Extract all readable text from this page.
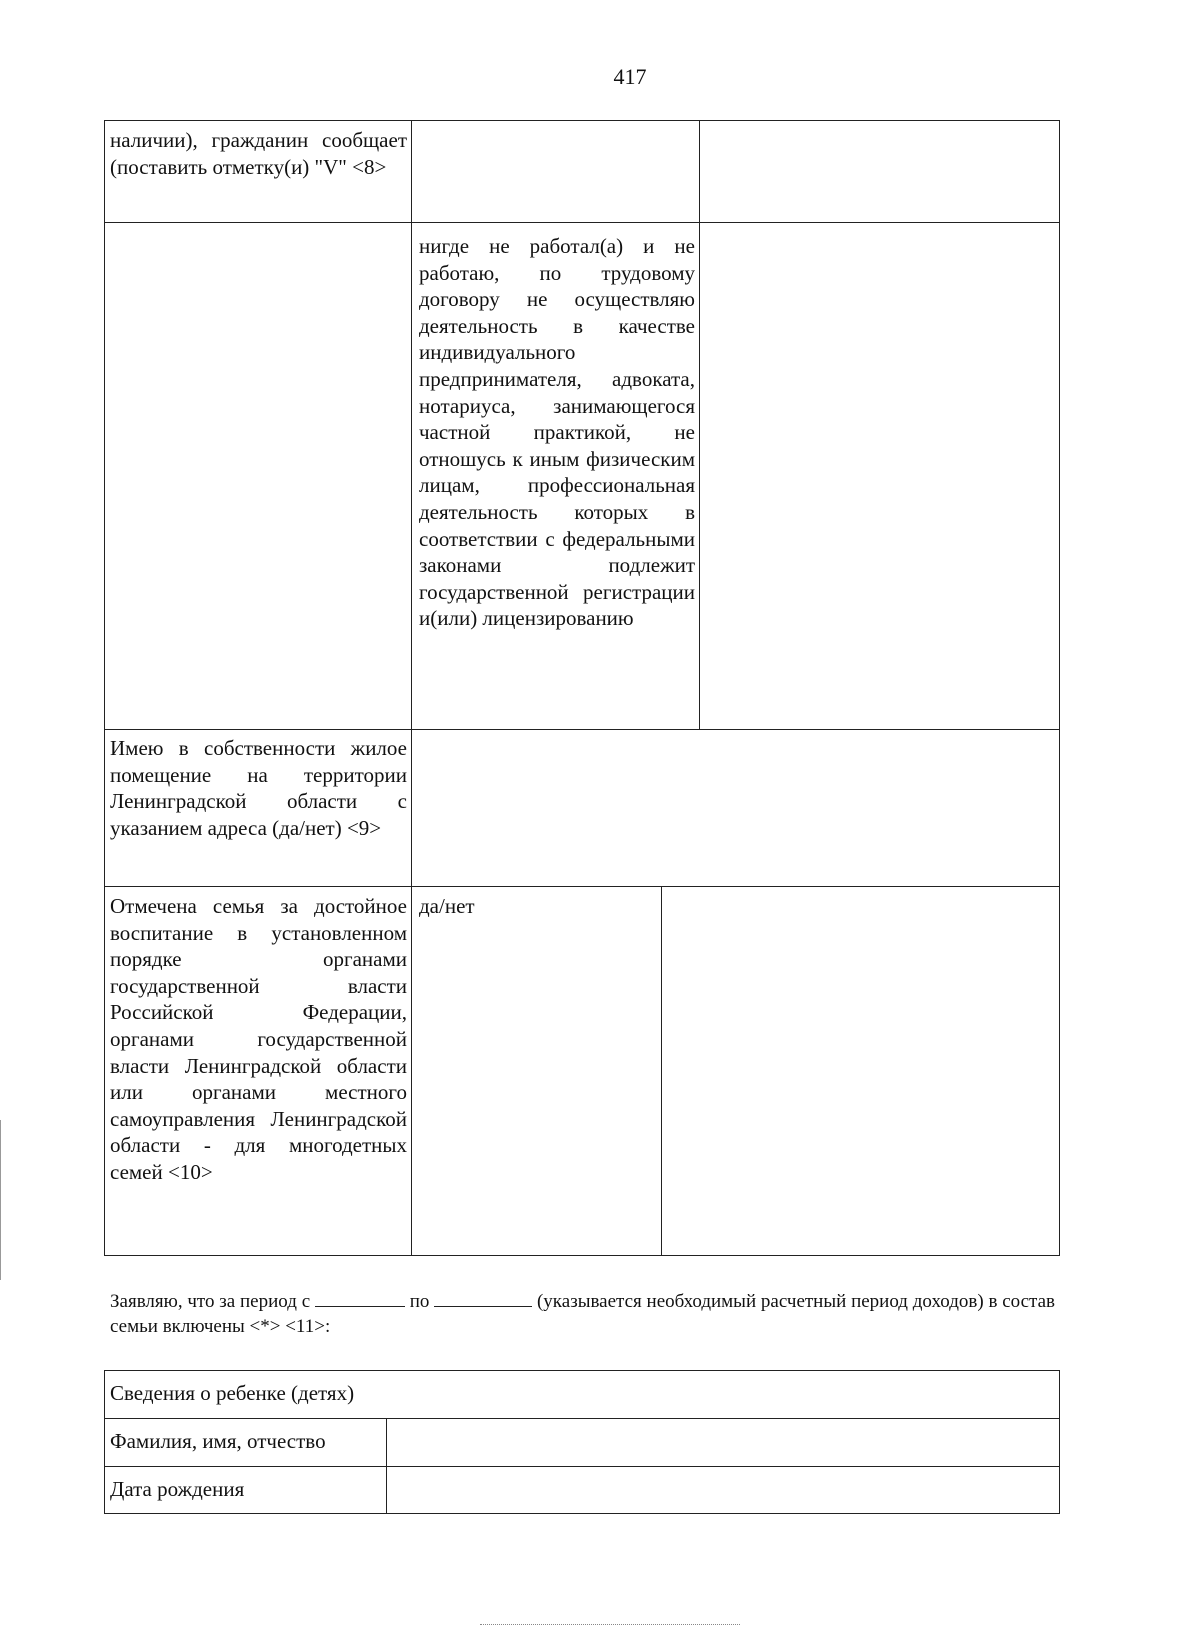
417
наличии), гражданин сообщает (поставить отметку(и) "V" <8>
нигде не работал(а) и не работаю, по трудовому договору не осуществляю деятельность в качестве индивидуального предпринимателя, адвоката, нотариуса, занимающегося частной практикой, не отношусь к иным физическим лицам, профессиональная деятельность которых в соответствии с федеральными законами подлежит государственной регистрации и(или) лицензированию
Имею в собственности жилое помещение на территории Ленинградской области с указанием адреса (да/нет) <9>
Отмечена семья за достойное воспитание в установленном порядке органами государственной власти Российской Федерации, органами государственной власти Ленинградской области или органами местного самоуправления Ленинградской области - для многодетных семей <10>
да/нет
Заявляю, что за период с	по	(указывается необходимый расчетный период доходов) в состав семьи включены <*> <11>:
Сведения о ребенке (детях)
Фамилия, имя, отчество
Дата рождения
